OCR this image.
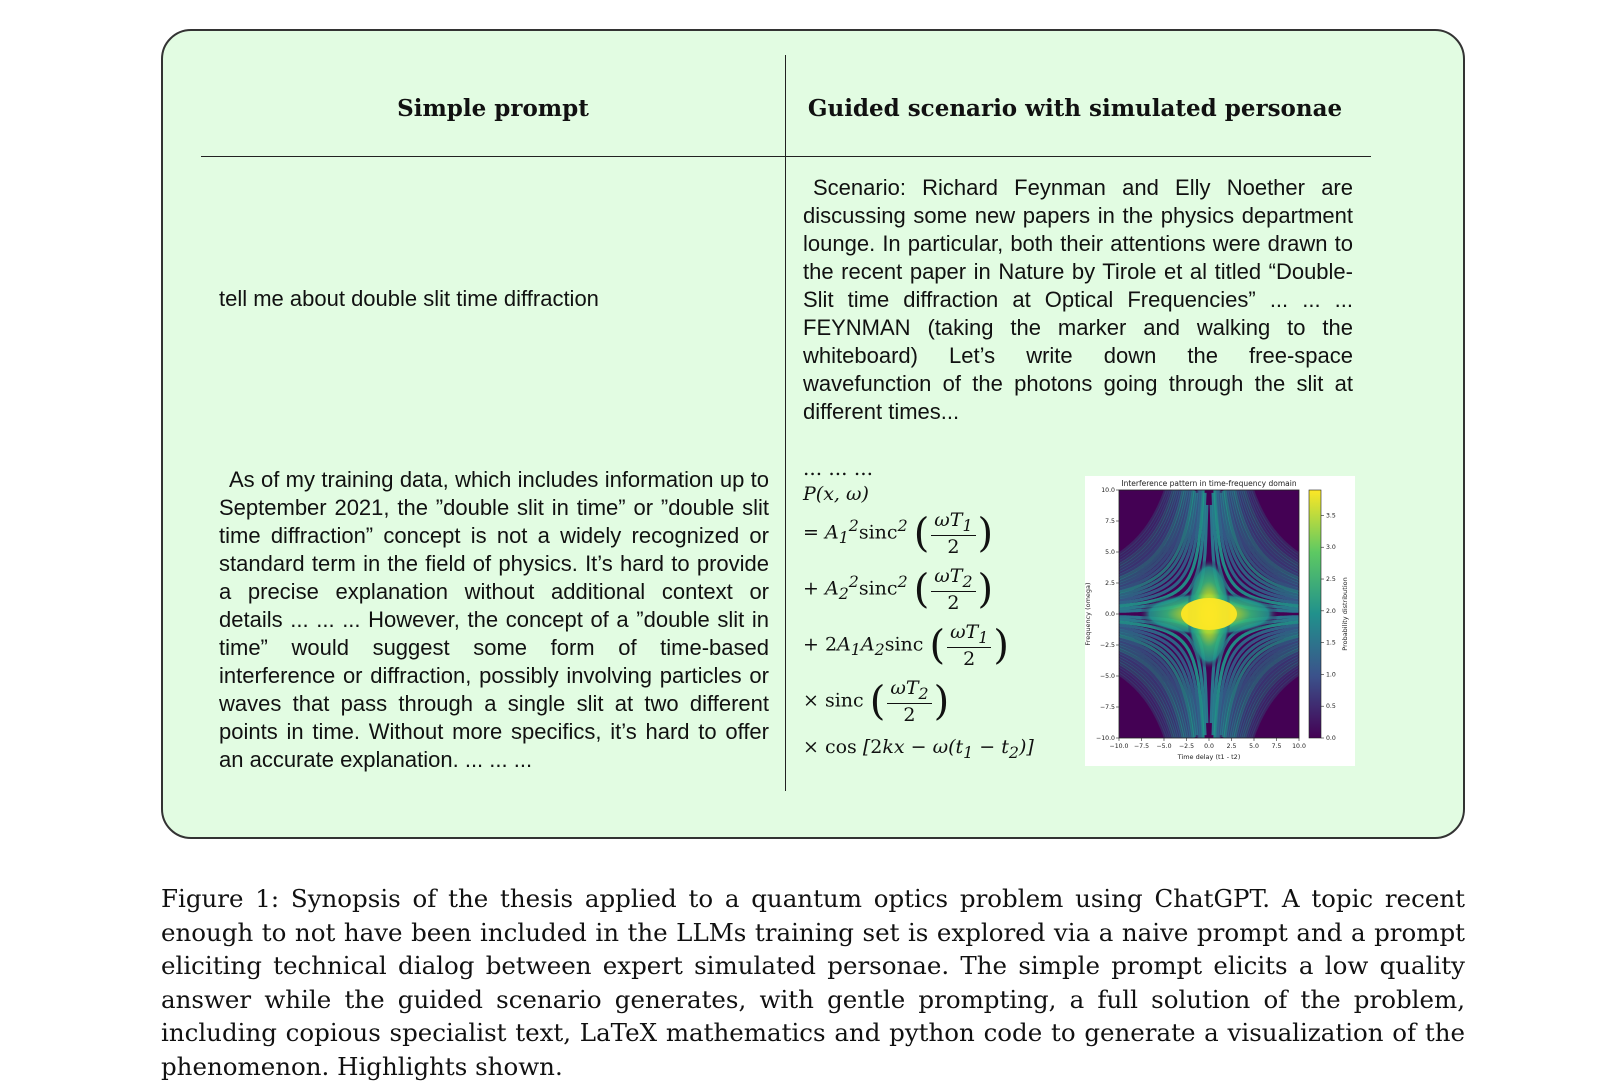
Simple prompt	Guided scenario with simulated personae
tell me about double slit time diffraction
As of my training data, which includes information up to September 2021, the ”double slit in time” or ”double slit time diffraction” concept is not a widely recognized or standard term in the field of physics. It’s hard to provide a precise explanation without additional context or details ... ... ... However, the concept of a ”double slit in time” would suggest some form of time-based interference or diffraction, possibly involving particles or waves that pass through a single slit at two different points in time. Without more specifics, it’s hard to offer an accurate explanation. ... ... ...
Scenario: Richard Feynman and Elly Noether are discussing some new papers in the physics department lounge. In particular, both their attentions were drawn to the recent paper in Nature by Tirole et al titled “Double-Slit time diffraction at Optical Frequencies” ... ... ... FEYNMAN (taking the marker and walking to the whiteboard) Let’s write down the free-space wavefunction of the photons going through the slit at different times...
... ... ...
P(x, ω)
= $A_1^2\sin c^2$ ( $\frac{\omega T_1}{2}$ )
+ $A_2^2\sin c^2$ ( $\frac{\omega T_2}{2}$ )
+ $2A_1A_2\sin c$ ( $\frac{\omega T_1}{2}$ )
× sinc ( $\frac{\omega T_2}{2}$ )
× $\cos [2kx - \omega(t_1 - t_2)]$
Interference pattern in time-frequency domain
−10.0 −7.5 −5.0 −2.5 0.0 2.5 5.0 7.5 10.0
10.0
7.5
5.0
2.5
0.0
−2.5
−5.0
−7.5
−10.0
Time delay (t1 - t2)
Frequency (omega)
3.5
3.0
2.5
2.0
1.5
1.0
0.5
0.0
Probability distribution
Figure 1: Synopsis of the thesis applied to a quantum optics problem using ChatGPT. A topic recent enough to not have been included in the LLMs training set is explored via a naive prompt and a prompt eliciting technical dialog between expert simulated personae. The simple prompt elicits a low quality answer while the guided scenario generates, with gentle prompting, a full solution of the problem, including copious specialist text, LaTeX mathematics and python code to generate a visualization of the phenomenon. Highlights shown.
